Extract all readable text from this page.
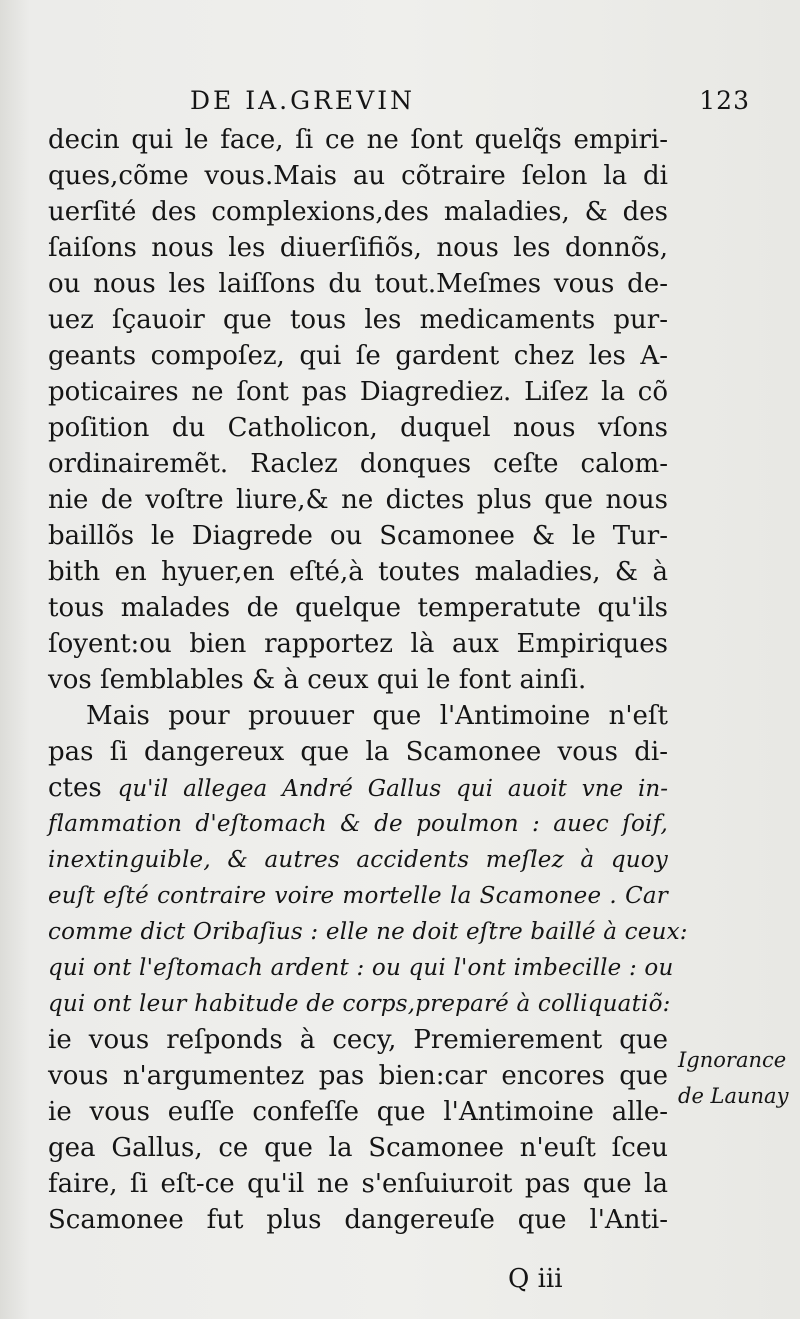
DE IA.GREVIN	123
decin qui le face, ſi ce ne ſont quelq̃s empiri-
ques,cõme vous.Mais au cõtraire ſelon la di
uerſité des complexions,des maladies, & des
ſaiſons nous les diuerſifiõs, nous les donnõs,
ou nous les laiſſons du tout.Meſmes vous de-
uez ſçauoir que tous les medicaments pur-
geants compoſez, qui ſe gardent chez les A-
poticaires ne ſont pas Diagrediez. Liſez la cõ
poſition du Catholicon, duquel nous vſons
ordinairemẽt. Raclez donques ceſte calom-
nie de voſtre liure,& ne dictes plus que nous
baillõs le Diagrede ou Scamonee & le Tur-
bith en hyuer,en eſté,à toutes maladies, & à
tous malades de quelque temperatute qu'ils
ſoyent:ou bien rapportez là aux Empiriques
vos ſemblables & à ceux qui le font ainſi.
Mais pour prouuer que l'Antimoine n'eſt
pas ſi dangereux que la Scamonee vous di-
ctes qu'il allegea André Gallus qui auoit vne in-
flammation d'eſtomach & de poulmon : auec ſoif,
inextinguible, & autres accidents meſlez à quoy
euſt eſté contraire voire mortelle la Scamonee . Car
comme dict Oribaſius : elle ne doit eſtre baillé à ceux:
qui ont l'eſtomach ardent : ou qui l'ont imbecille : ou
qui ont leur habitude de corps,preparé à colliquatiõ:
ie vous reſponds à cecy, Premierement que
vous n'argumentez pas bien:car encores que
ie vous euſſe confeſſe que l'Antimoine alle-
gea Gallus, ce que la Scamonee n'euſt ſceu
faire, ſi eſt-ce qu'il ne s'enſuiuroit pas que la
Scamonee fut plus dangereuſe que l'Anti-
Ignorance
de Launay
Q iii
